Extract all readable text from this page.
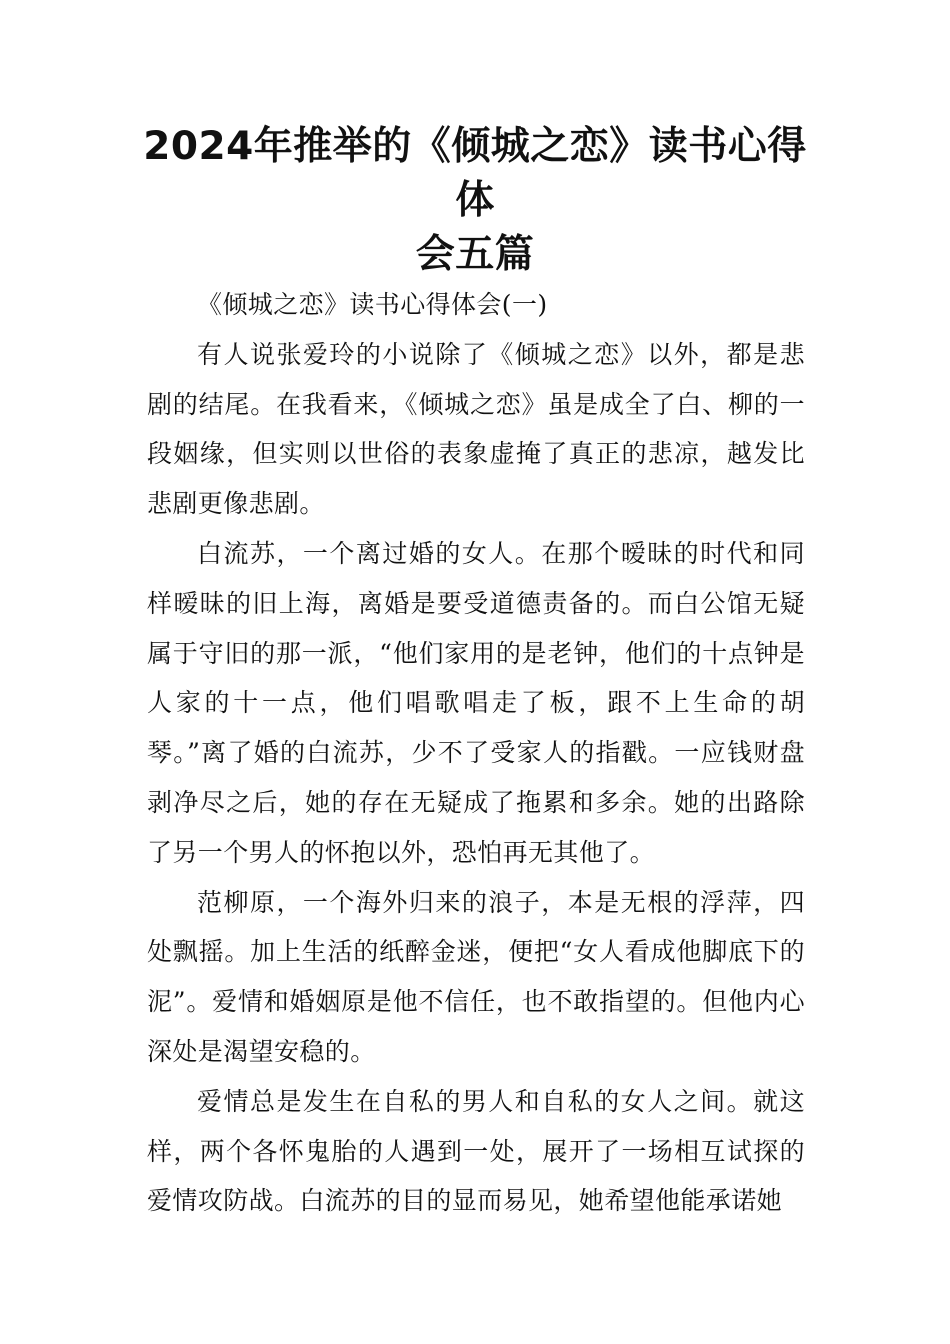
2024年推举的《倾城之恋》读书心得体
会五篇

《倾城之恋》读书心得体会(一)

有人说张爱玲的小说除了《倾城之恋》以外，都是悲剧的结尾。在我看来，《倾城之恋》虽是成全了白、柳的一段姻缘，但实则以世俗的表象虚掩了真正的悲凉，越发比悲剧更像悲剧。

白流苏，一个离过婚的女人。在那个暧昧的时代和同样暧昧的旧上海，离婚是要受道德责备的。而白公馆无疑属于守旧的那一派，“他们家用的是老钟，他们的十点钟是人家的十一点，他们唱歌唱走了板，跟不上生命的胡琴。”离了婚的白流苏，少不了受家人的指戳。一应钱财盘剥净尽之后，她的存在无疑成了拖累和多余。她的出路除了另一个男人的怀抱以外，恐怕再无其他了。

范柳原，一个海外归来的浪子，本是无根的浮萍，四处飘摇。加上生活的纸醉金迷，便把“女人看成他脚底下的泥”。爱情和婚姻原是他不信任，也不敢指望的。但他内心深处是渴望安稳的。

爱情总是发生在自私的男人和自私的女人之间。就这样，两个各怀鬼胎的人遇到一处，展开了一场相互试探的爱情攻防战。白流苏的目的显而易见，她希望他能承诺她
